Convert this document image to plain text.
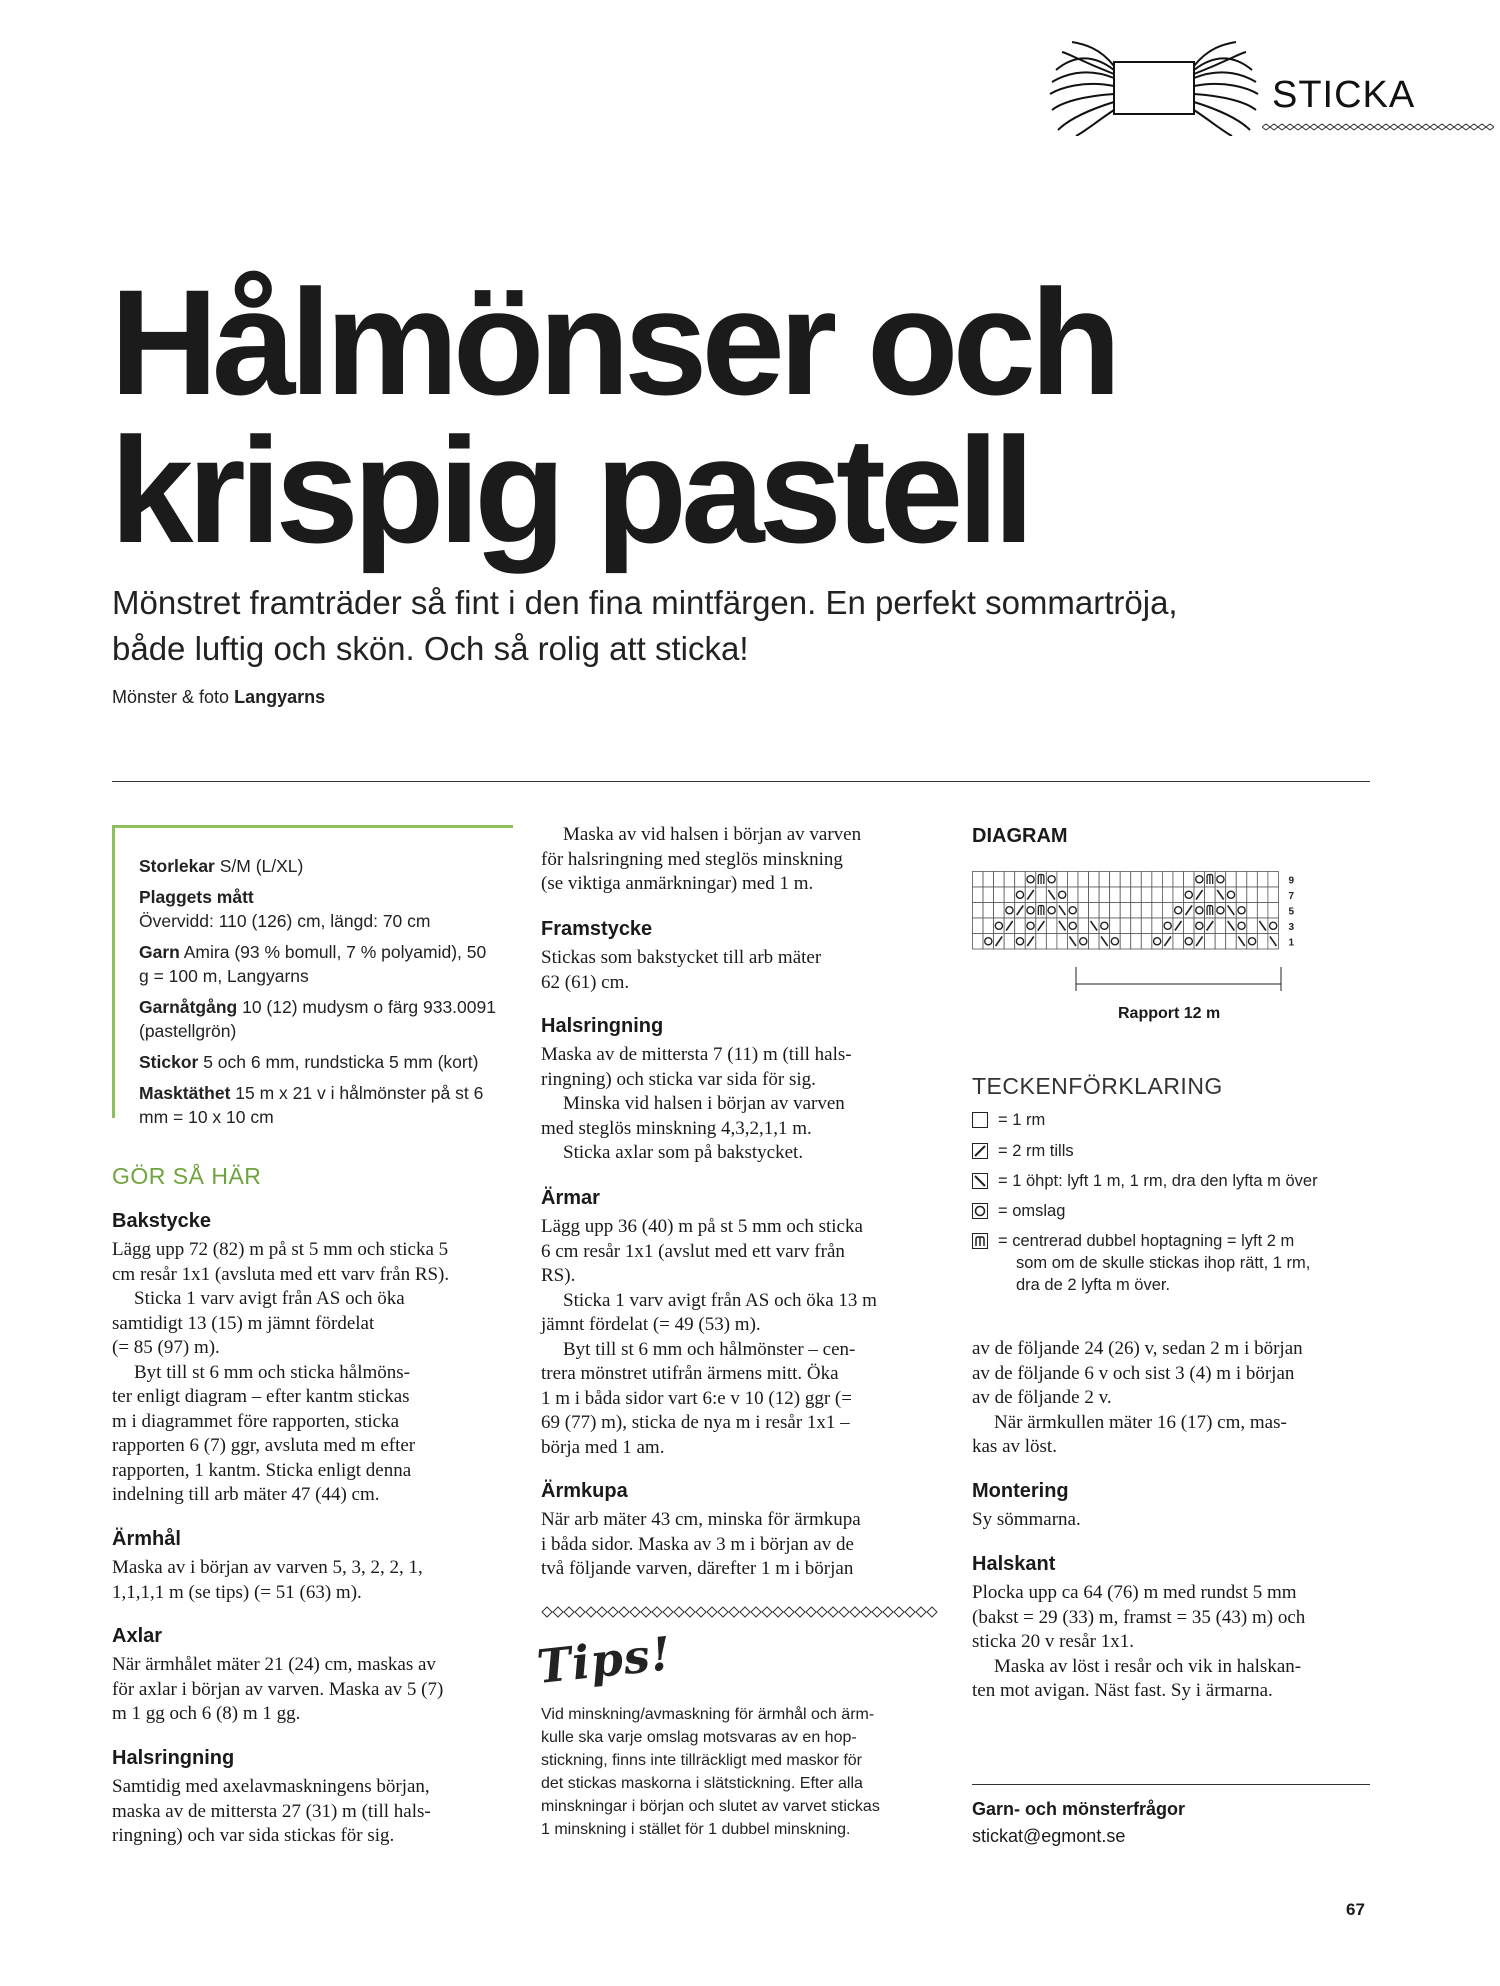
STICKA
Hålmönser och
krispig pastell
Mönstret framträder så fint i den fina mintfärgen. En perfekt sommartröja,
både luftig och skön. Och så rolig att sticka!
Mönster & foto Langyarns
Storlekar S/M (L/XL)
Plaggets mått
Övervidd: 110 (126) cm, längd: 70 cm
Garn Amira (93 % bomull, 7 % polyamid), 50 g = 100 m, Langyarns
Garnåtgång 10 (12) mudysm o färg 933.0091 (pastellgrön)
Stickor 5 och 6 mm, rundsticka 5 mm (kort)
Masktäthet 15 m x 21 v i hålmönster på st 6 mm = 10 x 10 cm
GÖR SÅ HÄR
Bakstycke
Lägg upp 72 (82) m på st 5 mm och sticka 5
cm resår 1x1 (avsluta med ett varv från RS).
Sticka 1 varv avigt från AS och öka
samtidigt 13 (15) m jämnt fördelat
(= 85 (97) m).
Byt till st 6 mm och sticka hålmöns-
ter enligt diagram – efter kantm stickas
m i diagrammet före rapporten, sticka
rapporten 6 (7) ggr, avsluta med m efter
rapporten, 1 kantm. Sticka enligt denna
indelning till arb mäter 47 (44) cm.
Ärmhål
Maska av i början av varven 5, 3, 2, 2, 1,
1,1,1,1 m (se tips) (= 51 (63) m).
Axlar
När ärmhålet mäter 21 (24) cm, maskas av
för axlar i början av varven. Maska av 5 (7)
m 1 gg och 6 (8) m 1 gg.
Halsringning
Samtidig med axelavmaskningens början,
maska av de mittersta 27 (31) m (till hals-
ringning) och var sida stickas för sig.
Maska av vid halsen i början av varven
för halsringning med steglös minskning
(se viktiga anmärkningar) med 1 m.
Framstycke
Stickas som bakstycket till arb mäter
62 (61) cm.
Halsringning
Maska av de mittersta 7 (11) m (till hals-
ringning) och sticka var sida för sig.
Minska vid halsen i början av varven
med steglös minskning 4,3,2,1,1 m.
Sticka axlar som på bakstycket.
Ärmar
Lägg upp 36 (40) m på st 5 mm och sticka
6 cm resår 1x1 (avslut med ett varv från
RS).
Sticka 1 varv avigt från AS och öka 13 m
jämnt fördelat (= 49 (53) m).
Byt till st 6 mm och hålmönster – cen-
trera mönstret utifrån ärmens mitt. Öka
1 m i båda sidor vart 6:e v 10 (12) ggr (=
69 (77) m), sticka de nya m i resår 1x1 –
börja med 1 am.
Ärmkupa
När arb mäter 43 cm, minska för ärmkupa
i båda sidor. Maska av 3 m i början av de
två följande varven, därefter 1 m i början
Tips!
Vid minskning/avmaskning för ärmhål och ärm-
kulle ska varje omslag motsvaras av en hop-
stickning, finns inte tillräckligt med maskor för
det stickas maskorna i slätstickning. Efter alla
minskningar i början och slutet av varvet stickas
1 minskning i stället för 1 dubbel minskning.
DIAGRAM
9
7
5
3
1
Rapport 12 m
TECKENFÖRKLARING
= 1 rm
= 2 rm tills
= 1 öhpt: lyft 1 m, 1 rm, dra den lyfta m över
= omslag
= centrerad dubbel hoptagning = lyft 2 m
som om de skulle stickas ihop rätt, 1 rm,
dra de 2 lyfta m över.
av de följande 24 (26) v, sedan 2 m i början
av de följande 6 v och sist 3 (4) m i början
av de följande 2 v.
När ärmkullen mäter 16 (17) cm, mas-
kas av löst.
Montering
Sy sömmarna.
Halskant
Plocka upp ca 64 (76) m med rundst 5 mm
(bakst = 29 (33) m, framst = 35 (43) m) och
sticka 20 v resår 1x1.
Maska av löst i resår och vik in halskan-
ten mot avigan. Näst fast. Sy i ärmarna.
Garn- och mönsterfrågor
stickat@egmont.se
67
